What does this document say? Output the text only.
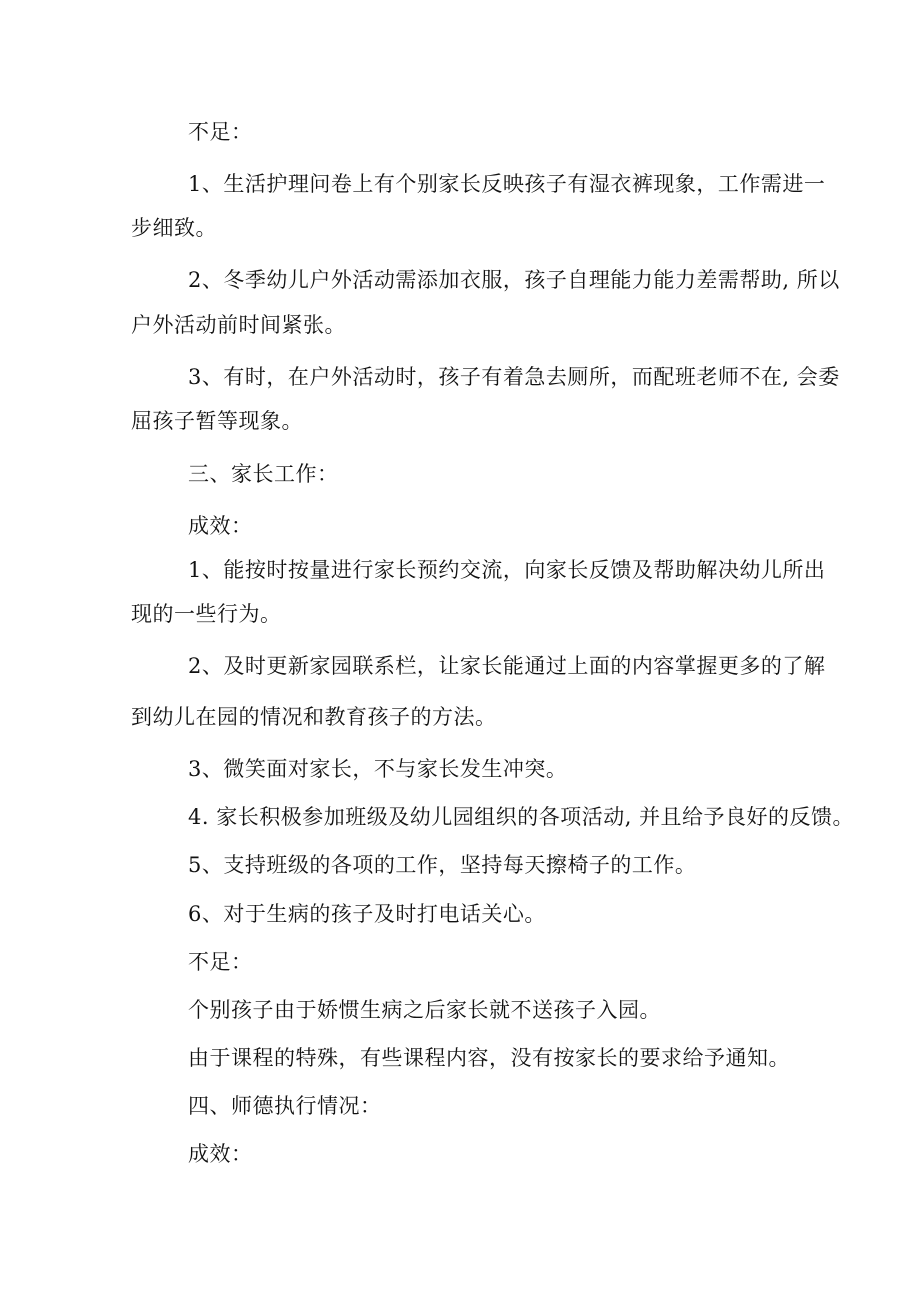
不足：
1、生活护理问卷上有个别家长反映孩子有湿衣裤现象，工作需进一
步细致。
2、冬季幼儿户外活动需添加衣服，孩子自理能力能力差需帮助, 所以
户外活动前时间紧张。
3、有时，在户外活动时，孩子有着急去厕所，而配班老师不在, 会委
屈孩子暂等现象。
三、家长工作：
成效：
1、能按时按量进行家长预约交流，向家长反馈及帮助解决幼儿所出
现的一些行为。
2、及时更新家园联系栏，让家长能通过上面的内容掌握更多的了解
到幼儿在园的情况和教育孩子的方法。
3、微笑面对家长，不与家长发生冲突。
4. 家长积极参加班级及幼儿园组织的各项活动, 并且给予良好的反馈。
5、支持班级的各项的工作，坚持每天擦椅子的工作。
6、对于生病的孩子及时打电话关心。
不足：
个别孩子由于娇惯生病之后家长就不送孩子入园。
由于课程的特殊，有些课程内容，没有按家长的要求给予通知。
四、师德执行情况：
成效：
